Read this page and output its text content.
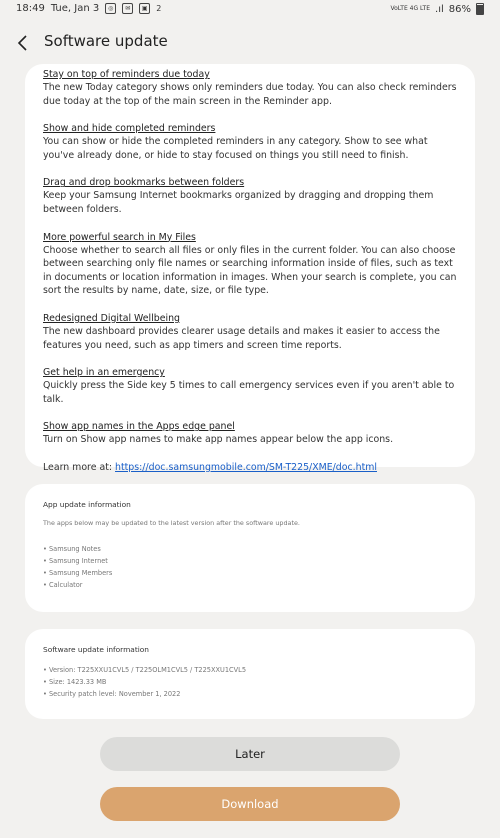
18:49 Tue, Jan 3	◎	✉	▣	2	VoLTE 4G LTE .ıl 86%
Software update
Stay on top of reminders due today
The new Today category shows only reminders due today. You can also check reminders due today at the top of the main screen in the Reminder app.
Show and hide completed reminders
You can show or hide the completed reminders in any category. Show to see what you've already done, or hide to stay focused on things you still need to finish.
Drag and drop bookmarks between folders
Keep your Samsung Internet bookmarks organized by dragging and dropping them between folders.
More powerful search in My Files
Choose whether to search all files or only files in the current folder. You can also choose between searching only file names or searching information inside of files, such as text in documents or location information in images. When your search is complete, you can sort the results by name, date, size, or file type.
Redesigned Digital Wellbeing
The new dashboard provides clearer usage details and makes it easier to access the features you need, such as app timers and screen time reports.
Get help in an emergency
Quickly press the Side key 5 times to call emergency services even if you aren't able to talk.
Show app names in the Apps edge panel
Turn on Show app names to make app names appear below the app icons.
Learn more at: https://doc.samsungmobile.com/SM-T225/XME/doc.html
App update information
The apps below may be updated to the latest version after the software update.
• Samsung Notes
• Samsung Internet
• Samsung Members
• Calculator
Software update information
• Version: T225XXU1CVL5 / T225OLM1CVL5 / T225XXU1CVL5
• Size: 1423.33 MB
• Security patch level: November 1, 2022
Later
Download
